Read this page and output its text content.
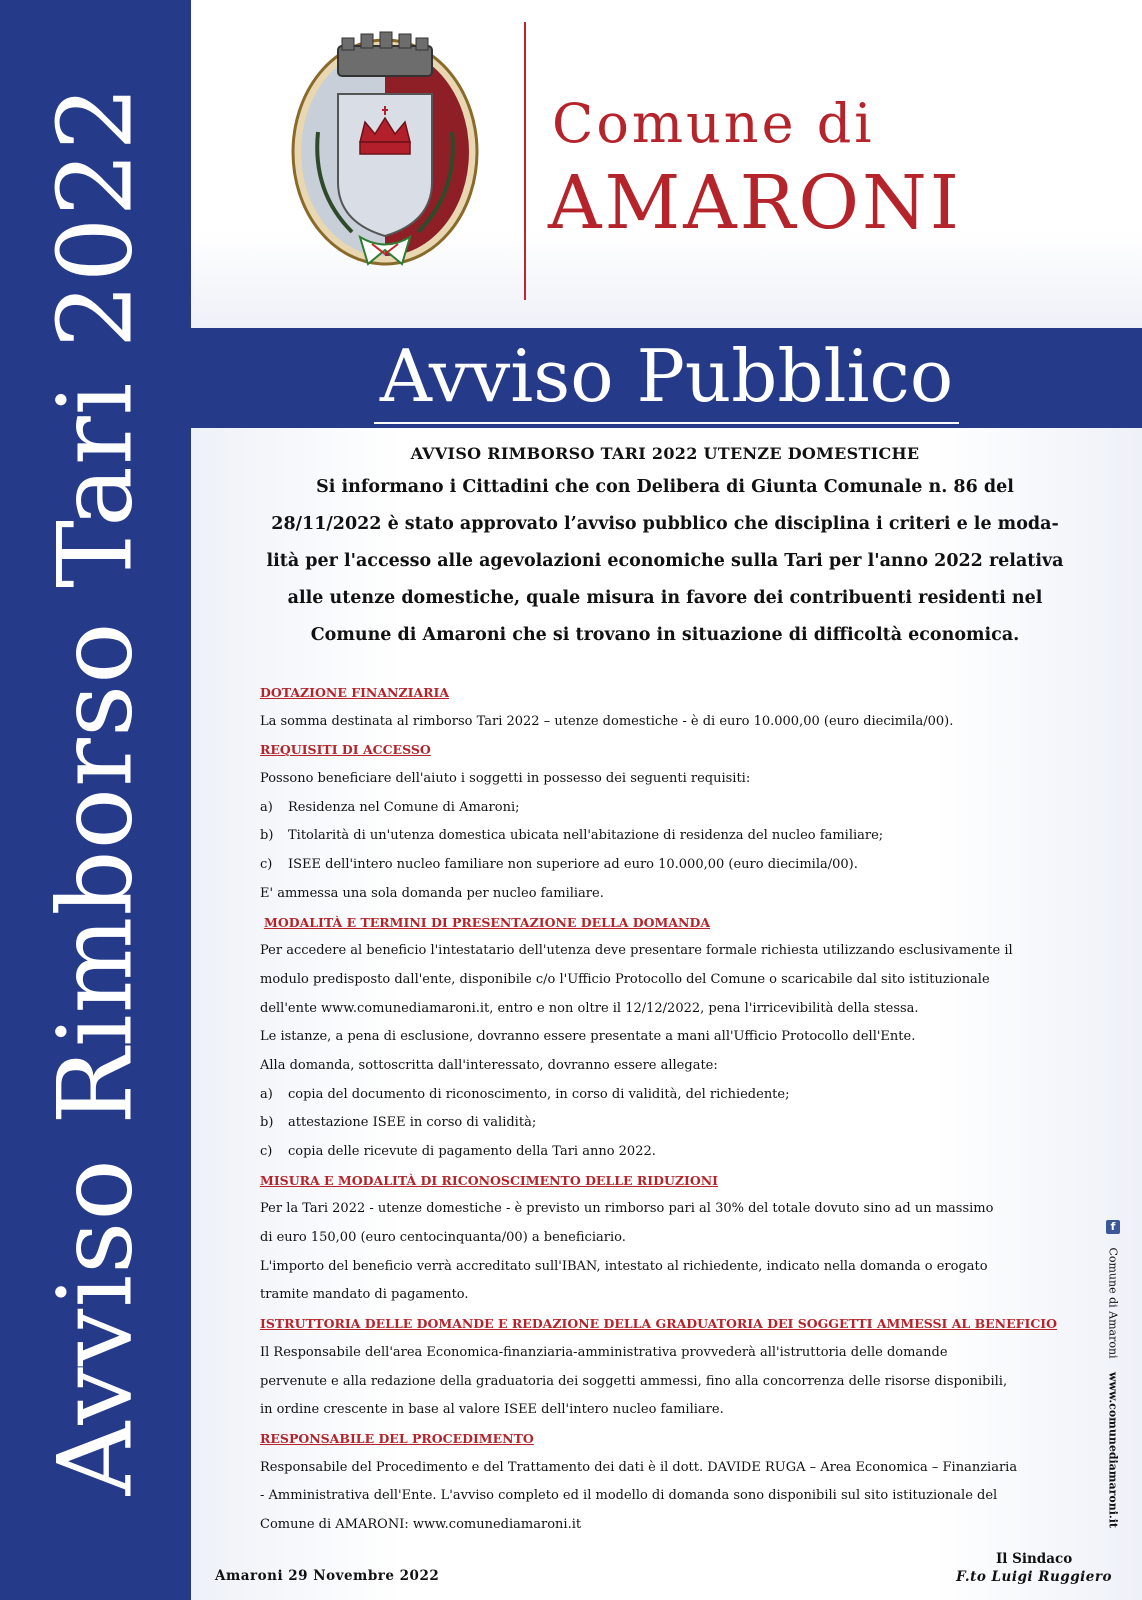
Avviso Rimborso Tari 2022	Comune di
AMARONI
Avviso Pubblico
AVVISO RIMBORSO TARI 2022 UTENZE DOMESTICHE
Si informano i Cittadini che con Delibera di Giunta Comunale n. 86 del
28/11/2022 è stato approvato l’avviso pubblico che disciplina i criteri e le moda-
lità per l'accesso alle agevolazioni economiche sulla Tari per l'anno 2022 relativa
alle utenze domestiche, quale misura in favore dei contribuenti residenti nel
Comune di Amaroni che si trovano in situazione di difficoltà economica.
DOTAZIONE FINANZIARIA
La somma destinata al rimborso Tari 2022 – utenze domestiche - è di euro 10.000,00 (euro diecimila/00).
REQUISITI DI ACCESSO
Possono beneficiare dell'aiuto i soggetti in possesso dei seguenti requisiti:
a) Residenza nel Comune di Amaroni;
b) Titolarità di un'utenza domestica ubicata nell'abitazione di residenza del nucleo familiare;
c) ISEE dell'intero nucleo familiare non superiore ad euro 10.000,00 (euro diecimila/00).
E' ammessa una sola domanda per nucleo familiare.
MODALITÀ E TERMINI DI PRESENTAZIONE DELLA DOMANDA
Per accedere al beneficio l'intestatario dell'utenza deve presentare formale richiesta utilizzando esclusivamente il
modulo predisposto dall'ente, disponibile c/o l'Ufficio Protocollo del Comune o scaricabile dal sito istituzionale
dell'ente www.comunediamaroni.it, entro e non oltre il 12/12/2022, pena l'irricevibilità della stessa.
Le istanze, a pena di esclusione, dovranno essere presentate a mani all'Ufficio Protocollo dell'Ente.
Alla domanda, sottoscritta dall'interessato, dovranno essere allegate:
a) copia del documento di riconoscimento, in corso di validità, del richiedente;
b) attestazione ISEE in corso di validità;
c) copia delle ricevute di pagamento della Tari anno 2022.
MISURA E MODALITÀ DI RICONOSCIMENTO DELLE RIDUZIONI
Per la Tari 2022 - utenze domestiche - è previsto un rimborso pari al 30% del totale dovuto sino ad un massimo
di euro 150,00 (euro centocinquanta/00) a beneficiario.
L'importo del beneficio verrà accreditato sull'IBAN, intestato al richiedente, indicato nella domanda o erogato
tramite mandato di pagamento.
ISTRUTTORIA DELLE DOMANDE E REDAZIONE DELLA GRADUATORIA DEI SOGGETTI AMMESSI AL BENEFICIO
Il Responsabile dell'area Economica-finanziaria-amministrativa provvederà all'istruttoria delle domande
pervenute e alla redazione della graduatoria dei soggetti ammessi, fino alla concorrenza delle risorse disponibili,
in ordine crescente in base al valore ISEE dell'intero nucleo familiare.
RESPONSABILE DEL PROCEDIMENTO
Responsabile del Procedimento e del Trattamento dei dati è il dott. DAVIDE RUGA – Area Economica – Finanziaria
- Amministrativa dell'Ente. L'avviso completo ed il modello di domanda sono disponibili sul sito istituzionale del
Comune di AMARONI: www.comunediamaroni.it
f
Comune di Amaroni
www.comunediamaroni.it
Amaroni 29 Novembre 2022
Il Sindaco
F.to Luigi Ruggiero
